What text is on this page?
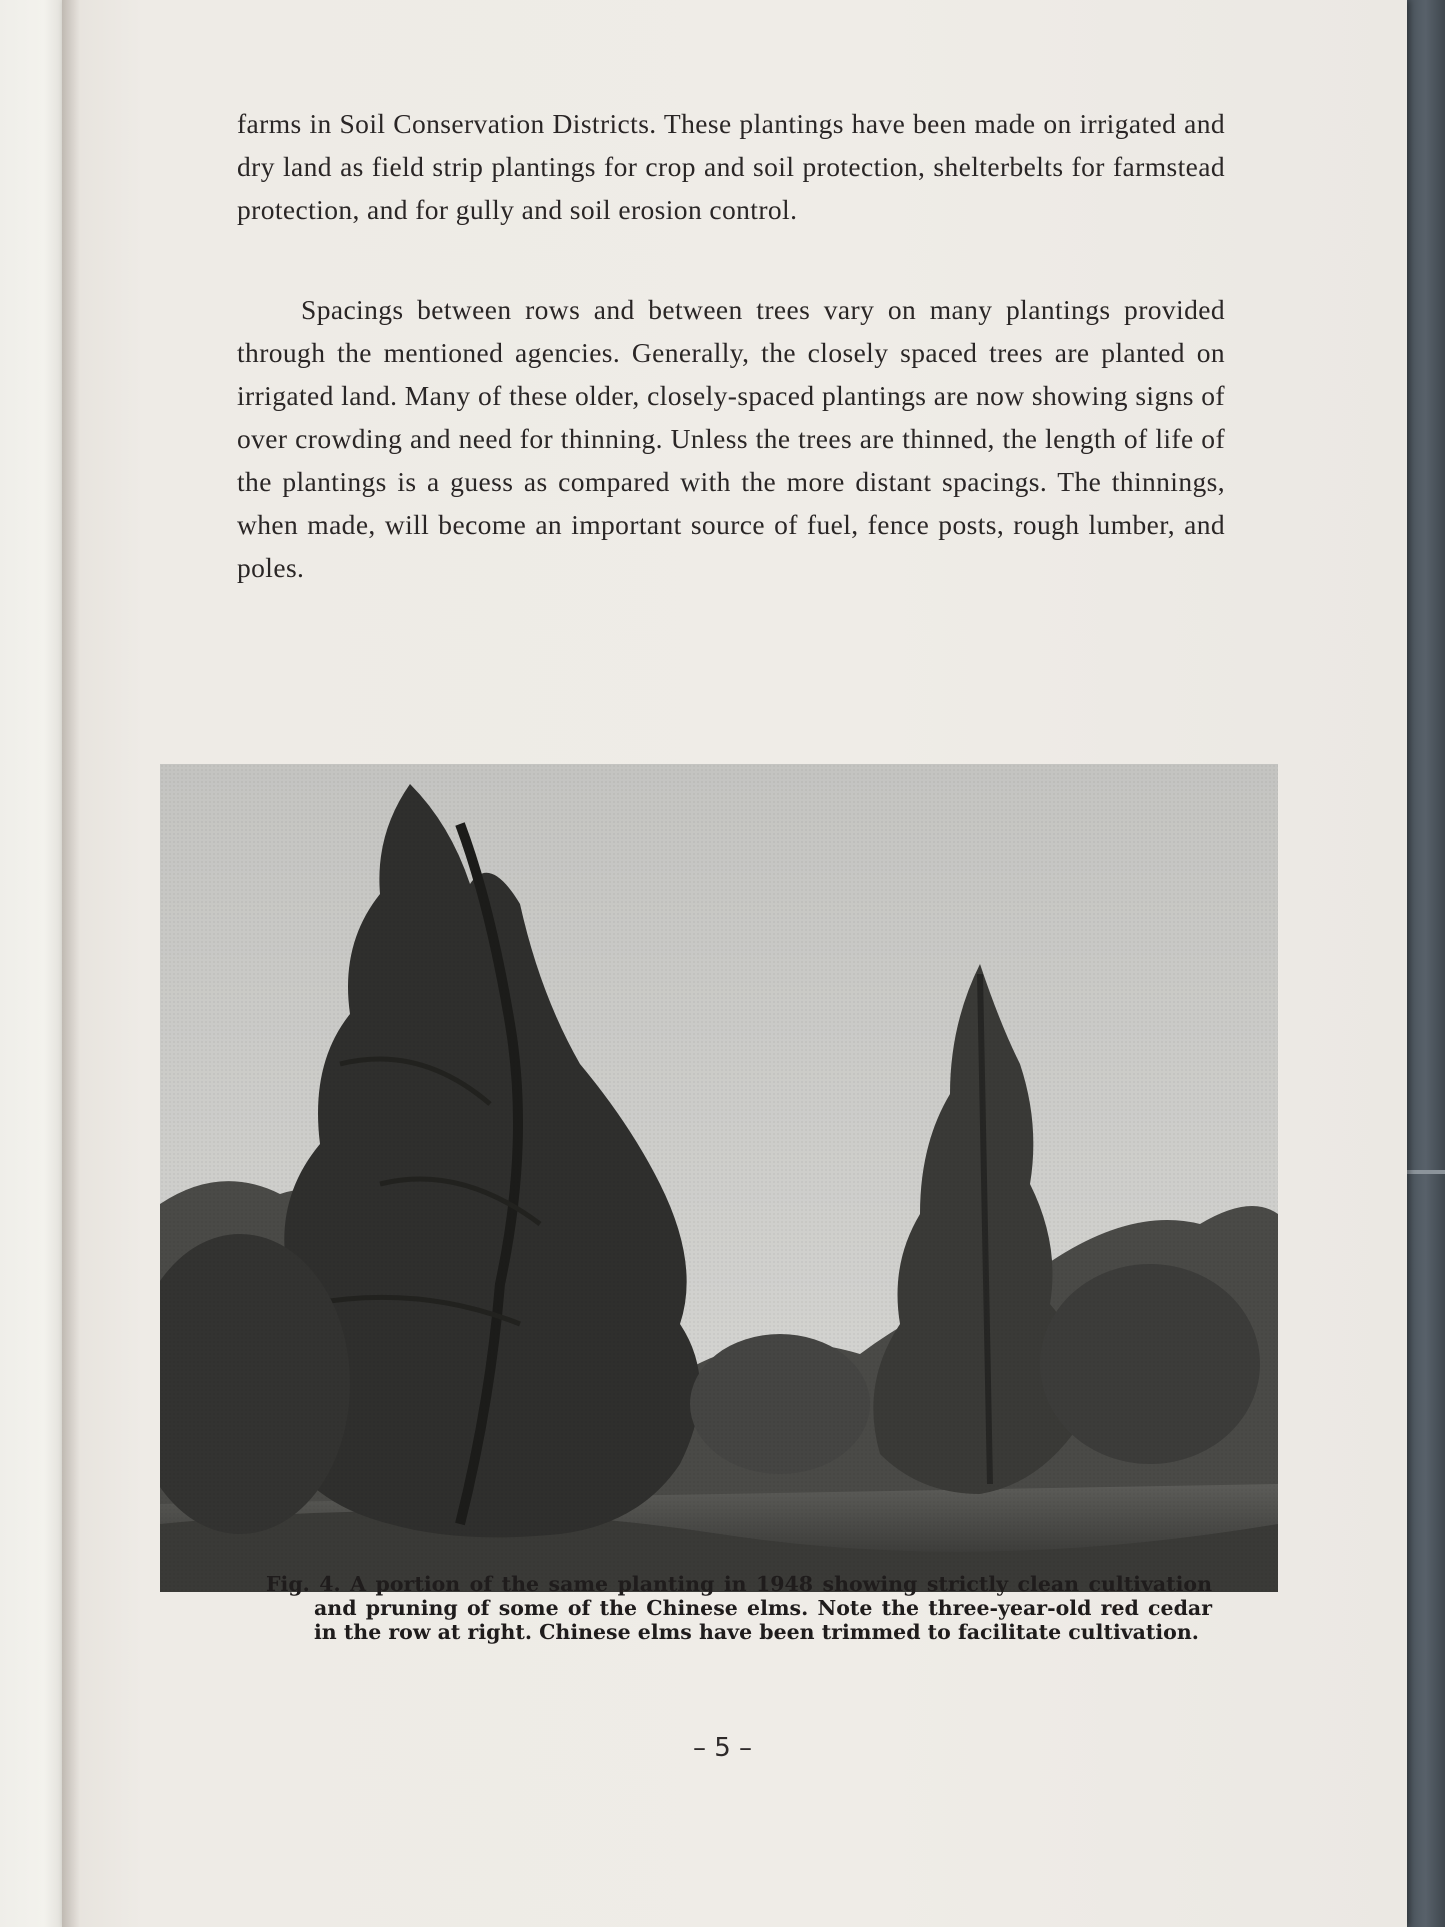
farms in Soil Conservation Districts. These plantings have been made on irrigated and dry land as field strip plantings for crop and soil protection, shelterbelts for farmstead protection, and for gully and soil erosion control.

Spacings between rows and between trees vary on many plantings provided through the mentioned agencies. Generally, the closely spaced trees are planted on irrigated land. Many of these older, closely-spaced plantings are now showing signs of over crowding and need for thinning. Unless the trees are thinned, the length of life of the plantings is a guess as compared with the more distant spacings. The thinnings, when made, will become an important source of fuel, fence posts, rough lumber, and poles.

Fig. 4. A portion of the same planting in 1948 showing strictly clean cultivation and pruning of some of the Chinese elms. Note the three-year-old red cedar in the row at right. Chinese elms have been trimmed to facilitate cultivation.
– 5 –
